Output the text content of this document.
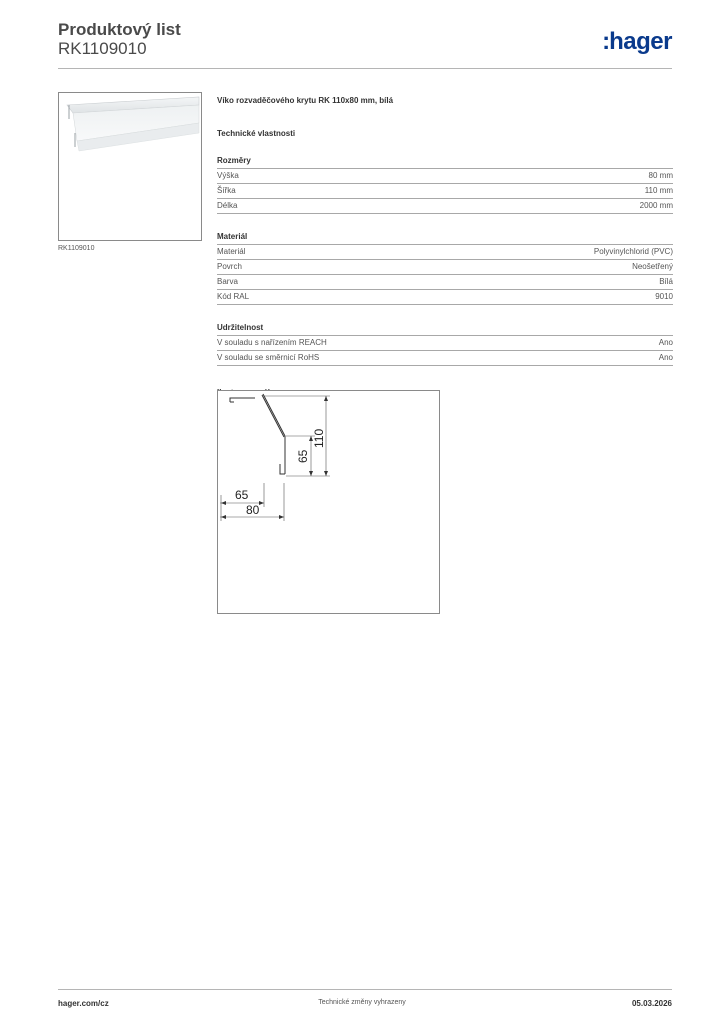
Produktový list
RK1109010	:hager
RK1109010
Víko rozvaděčového krytu RK 110x80 mm, bílá
Technické vlastnosti
Rozměry
Výška	80 mm
Šířka	110 mm
Délka	2000 mm
Materiál
Materiál	Polyvinylchlorid (PVC)
Povrch	Neošetřený
Barva	Bílá
Kód RAL	9010
Udržitelnost
V souladu s nařízením REACH	Ano
V souladu se směrnicí RoHS	Ano
110
65
65
80
hager.com/cz	Technické změny vyhrazeny	05.03.2026
